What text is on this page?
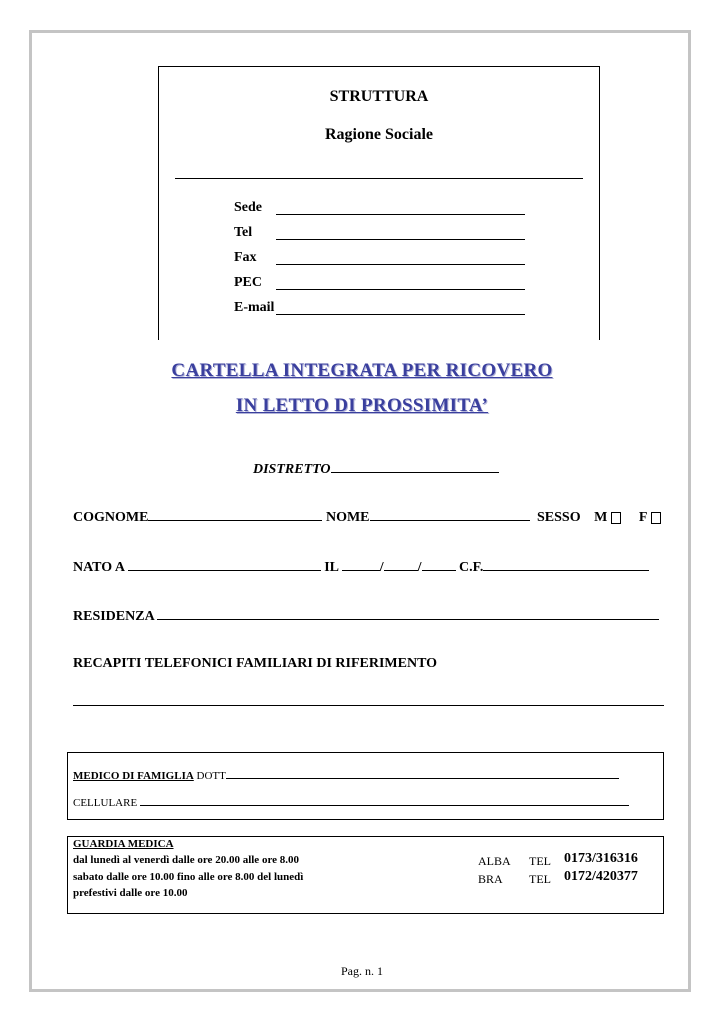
STRUTTURA
Ragione Sociale
Sede
Tel
Fax
PEC
E-mail
CARTELLA INTEGRATA PER RICOVERO
IN LETTO DI PROSSIMITA’
DISTRETTO
COGNOME	NOME	SESSO M F
NATO A	IL	/ /	C.F.
RESIDENZA
RECAPITI TELEFONICI FAMILIARI DI RIFERIMENTO
MEDICO DI FAMIGLIA DOTT
CELLULARE
GUARDIA MEDICA
dal lunedì al venerdì dalle ore 20.00 alle ore 8.00
sabato dalle ore 10.00 fino alle ore 8.00 del lunedì
prefestivi dalle ore 10.00
ALBA TEL 0173/316316
BRA TEL 0172/420377
Pag. n. 1
